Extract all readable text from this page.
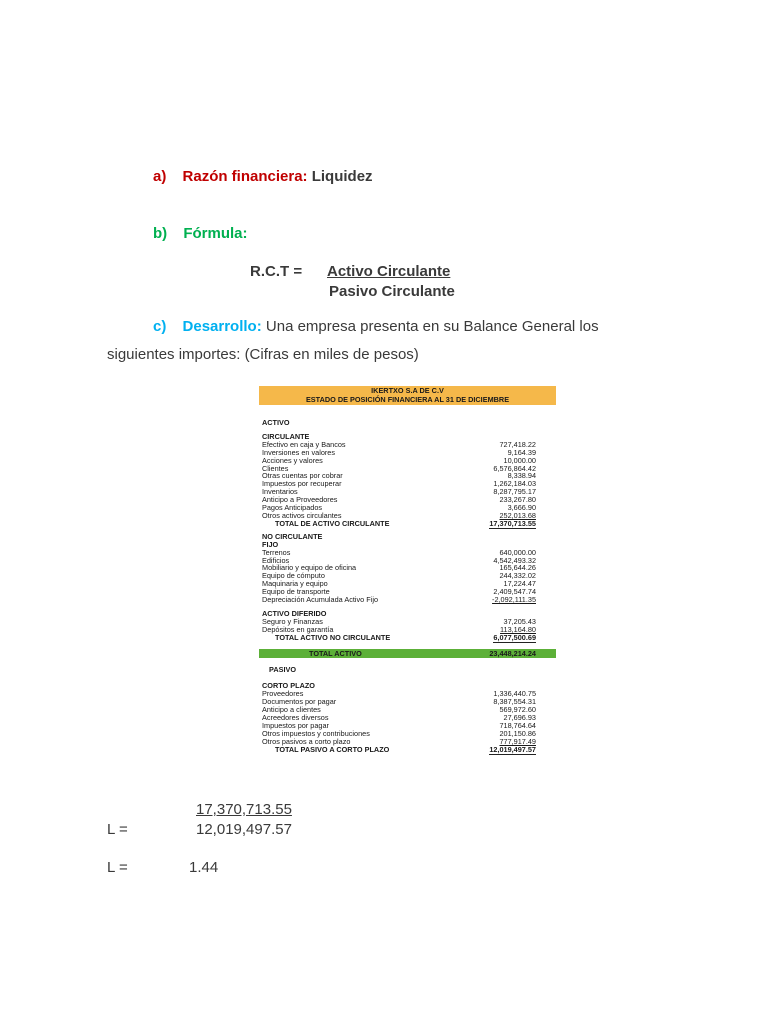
a) Razón financiera: Liquidez
b) Fórmula:
R.C.T = Activo Circulante
Pasivo Circulante
c) Desarrollo: Una empresa presenta en su Balance General los
siguientes importes: (Cifras en miles de pesos)
IKERTXO S.A DE C.V
ESTADO DE POSICIÓN FINANCIERA AL 31 DE DICIEMBRE
ACTIVO
CIRCULANTE
Efectivo en caja y Bancos	727,418.22
Inversiones en valores	9,164.39
Acciones y valores	10,000.00
Clientes	6,576,864.42
Otras cuentas por cobrar	8,338.94
Impuestos por recuperar	1,262,184.03
Inventarios	8,287,795.17
Anticipo a Proveedores	233,267.80
Pagos Anticipados	3,666.90
Otros activos circulantes	252,013.68
TOTAL DE ACTIVO CIRCULANTE	17,370,713.55
NO CIRCULANTE
FIJO
Terrenos	640,000.00
Edificios	4,542,493.32
Mobiliario y equipo de oficina	165,644.26
Equipo de cómputo	244,332.02
Maquinaria y equipo	17,224.47
Equipo de transporte	2,409,547.74
Depreciación Acumulada Activo Fijo	-2,092,111.35
ACTIVO DIFERIDO
Seguro y Finanzas	37,205.43
Depósitos en garantía	113,164.80
TOTAL ACTIVO NO CIRCULANTE	6,077,500.69
TOTAL ACTIVO	23,448,214.24
PASIVO
CORTO PLAZO
Proveedores	1,336,440.75
Documentos por pagar	8,387,554.31
Anticipo a clientes	569,972.60
Acreedores diversos	27,696.93
Impuestos por pagar	718,764.64
Otros impuestos y contribuciones	201,150.86
Otros pasivos a corto plazo	777,917.49
TOTAL PASIVO A CORTO PLAZO	12,019,497.57
17,370,713.55
L =	12,019,497.57
L =	1.44
